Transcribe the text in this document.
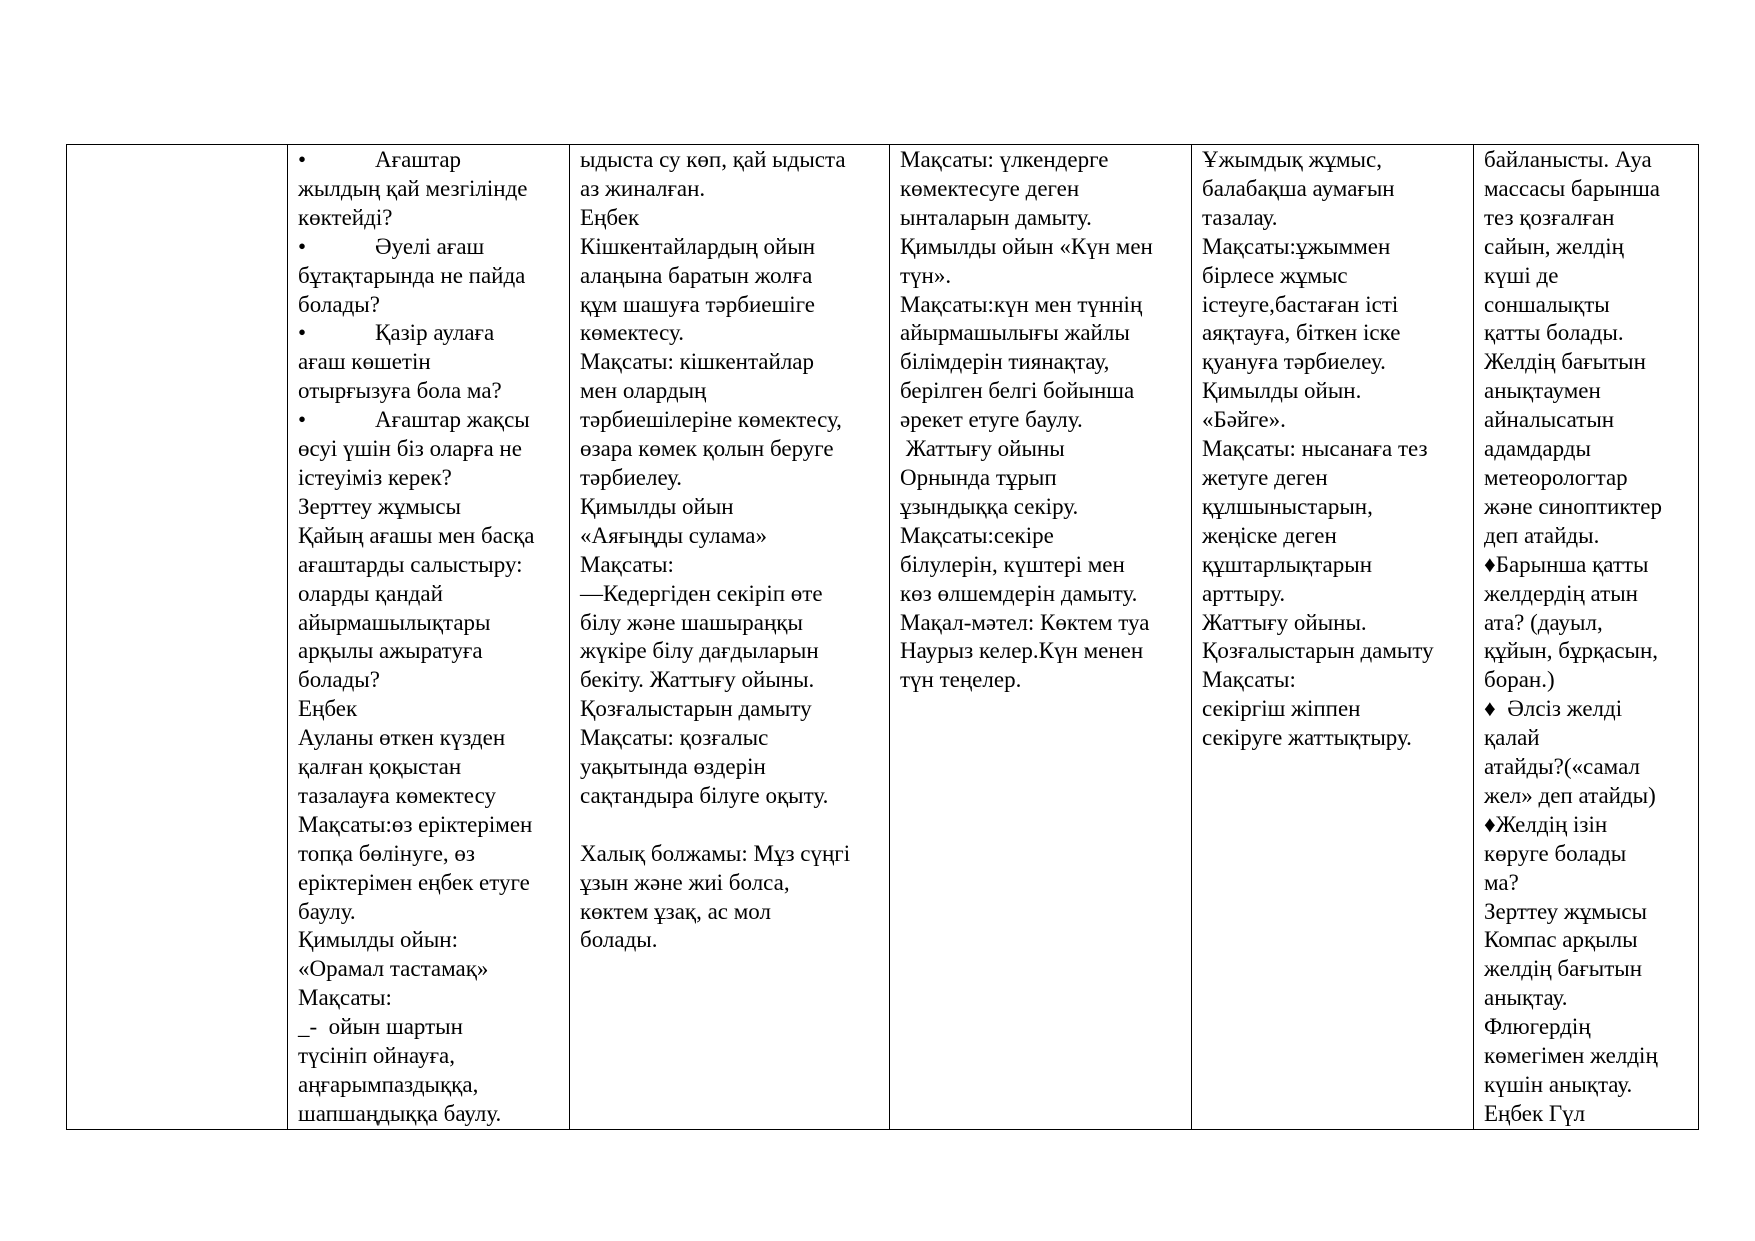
•            Ағаштар
жылдың қай мезгілінде
көктейді?
•            Әуелі ағаш
бұтақтарында не пайда
болады?
•            Қазір аулаға
ағаш көшетін
отырғызуға бола ма?
•            Ағаштар жақсы
өсуі үшін біз оларға не
істеуіміз керек?
Зерттеу жұмысы
Қайың ағашы мен басқа
ағаштарды салыстыру:
оларды қандай
айырмашылықтары
арқылы ажыратуға
болады?
Еңбек
Ауланы өткен күзден
қалған қоқыстан
тазалауға көмектесу
Мақсаты:өз еріктерімен
топқа бөлінуге, өз
еріктерімен еңбек етуге
баулу.
Қимылды ойын:
«Орамал тастамақ»
Мақсаты:
_-  ойын шартын
түсініп ойнауға,
аңғарымпаздыққа,
шапшаңдыққа баулу.

ыдыста су көп, қай ыдыста
аз жиналған.
Еңбек
Кішкентайлардың ойын
алаңына баратын жолға
құм шашуға тәрбиешіге
көмектесу.
Мақсаты: кішкентайлар
мен олардың
тәрбиешілеріне көмектесу,
өзара көмек қолын беруге
тәрбиелеу.
Қимылды ойын
«Аяғыңды сулама»
Мақсаты:
—Кедергіден секіріп өте
білу және шашыраңқы
жүкіре білу дағдыларын
бекіту. Жаттығу ойыны.
Қозғалыстарын дамыту
Мақсаты: қозғалыс
уақытында өздерін
сақтандыра білуге оқыту.

Халық болжамы: Мұз сүңгі
ұзын және жиі болса,
көктем ұзақ, ас мол
болады.

Мақсаты: үлкендерге
көмектесуге деген
ынталарын дамыту.
Қимылды ойын «Күн мен
түн».
Мақсаты:күн мен түннің
айырмашылығы жайлы
білімдерін тиянақтау,
берілген белгі бойынша
әрекет етуге баулу.
Жаттығу ойыны
Орнында тұрып
ұзындыққа секіру.
Мақсаты:секіре
білулерін, күштері мен
көз өлшемдерін дамыту.
Мақал-мәтел: Көктем туа
Наурыз келер.Күн менен
түн теңелер.

Ұжымдық жұмыс,
балабақша аумағын
тазалау.
Мақсаты:ұжыммен
бірлесе жұмыс
істеуге,бастаған істі
аяқтауға, біткен іске
қуануға тәрбиелеу.
Қимылды ойын.
«Бәйге».
Мақсаты: нысанаға тез
жетуге деген
құлшыныстарын,
жеңіске деген
құштарлықтарын
арттыру.
Жаттығу ойыны.
Қозғалыстарын дамыту
Мақсаты:
секіргіш жіппен
секіруге жаттықтыру.

байланысты. Ауа
массасы барынша
тез қозғалған
сайын, желдің
күші де
соншалықты
қатты болады.
Желдің бағытын
анықтаумен
айналысатын
адамдарды
метеорологтар
және синоптиктер
деп атайды.
♦Барынша қатты
желдердің атын
ата? (дауыл,
құйын, бұрқасын,
боран.)
♦  Әлсіз желді
қалай
атайды?(«самал
жел» деп атайды)
♦Желдің ізін
көруге болады
ма?
Зерттеу жұмысы
Компас арқылы
желдің бағытын
анықтау.
Флюгердің
көмегімен желдің
күшін анықтау.
Еңбек Гүл
